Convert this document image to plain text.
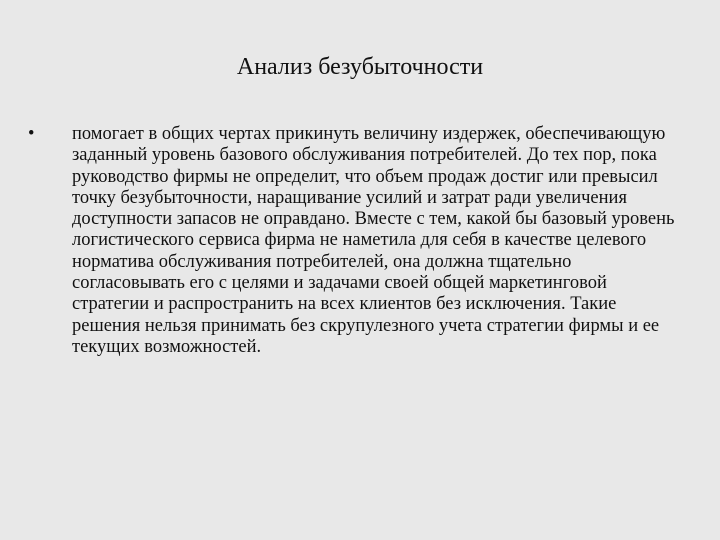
Анализ безубыточности
• помогает в общих чертах прикинуть величину издержек, обеспечивающую заданный уровень базового обслуживания потребителей. До тех пор, пока руководство фирмы не определит, что объем продаж достиг или превысил точку безубыточности, наращивание усилий и затрат ради увеличения доступности запасов не оправдано. Вместе с тем, какой бы базовый уровень логистического сервиса фирма не наметила для себя в качестве целевого норматива обслуживания потребителей, она должна тщательно согласовывать его с целями и задачами своей общей маркетинговой стратегии и распространить на всех клиентов без исключения. Такие решения нельзя принимать без скрупулезного учета стратегии фирмы и ее текущих возможностей.
